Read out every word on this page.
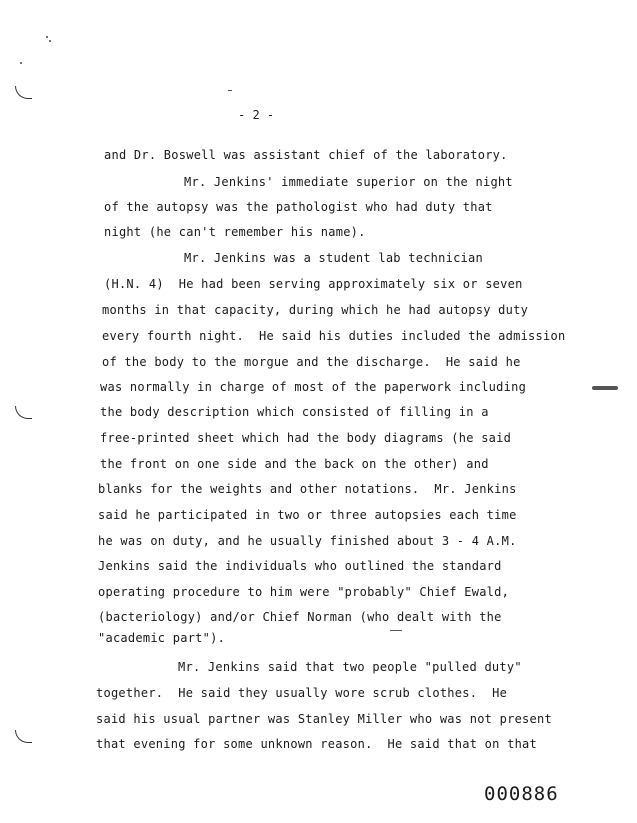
- 2 -
and Dr. Boswell was assistant chief of the laboratory.
Mr. Jenkins' immediate superior on the night
of the autopsy was the pathologist who had duty that
night (he can't remember his name).
Mr. Jenkins was a student lab technician
(H.N. 4)  He had been serving approximately six or seven
months in that capacity, during which he had autopsy duty
every fourth night.  He said his duties included the admission
of the body to the morgue and the discharge.  He said he
was normally in charge of most of the paperwork including
the body description which consisted of filling in a
free-printed sheet which had the body diagrams (he said
the front on one side and the back on the other) and
blanks for the weights and other notations.  Mr. Jenkins
said he participated in two or three autopsies each time
he was on duty, and he usually finished about 3 - 4 A.M.
Jenkins said the individuals who outlined the standard
operating procedure to him were "probably" Chief Ewald,
(bacteriology) and/or Chief Norman (who dealt with the
"academic part").
Mr. Jenkins said that two people "pulled duty"
together.  He said they usually wore scrub clothes.  He
said his usual partner was Stanley Miller who was not present
that evening for some unknown reason.  He said that on that
000886
